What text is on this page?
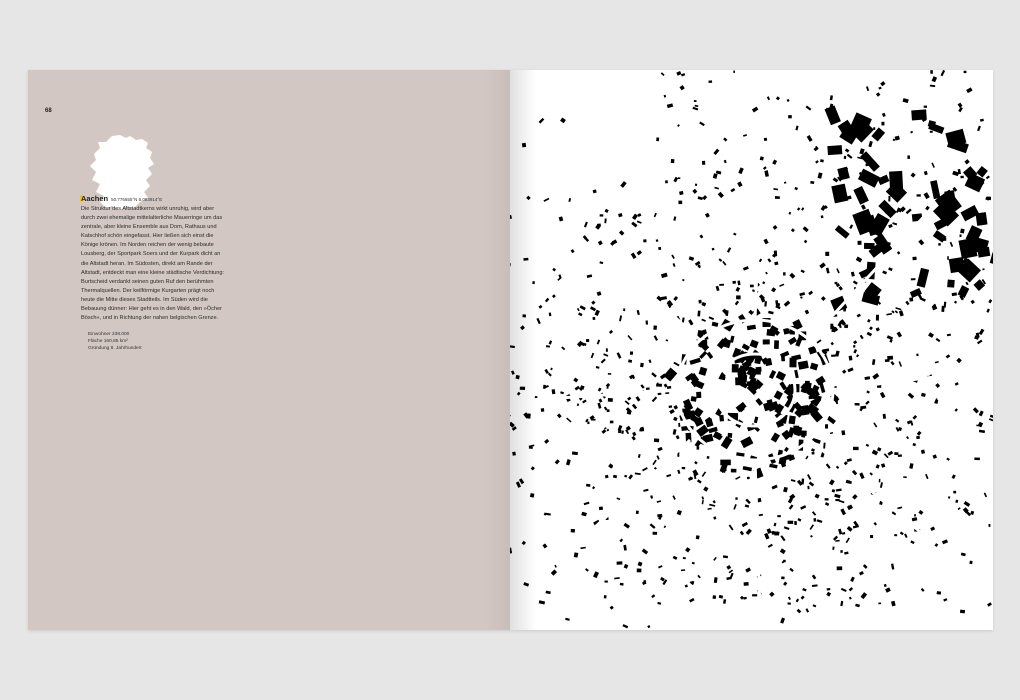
68
Aachen 50.776655°N 6.083914°E
Die Struktur des Altstadtkerns wirkt unruhig, wird aber
durch zwei ehemalige mittelalterliche Mauerringe um das
zentrale, aber kleine Ensemble aus Dom, Rathaus und
Katschhof schön eingefasst. Hier ließen sich einst die
Könige krönen. Im Norden reichen der wenig bebaute
Lousberg, der Sportpark Soers und der Kurpark dicht an
die Altstadt heran. Im Südosten, direkt am Rande der
Altstadt, entdeckt man eine kleine städtische Verdichtung:
Burtscheid verdankt seinen guten Ruf den berühmten
Thermalquellen. Der keilförmige Kurgarten prägt noch
heute die Mitte dieses Stadtteils. Im Süden wird die
Bebauung dünner: Hier geht es in den Wald, den »Öcher
Bösch«, und in Richtung der nahen belgischen Grenze.
Einwohner 238.000
Fläche 160,85 km²
Gründung 8. Jahrhundert
